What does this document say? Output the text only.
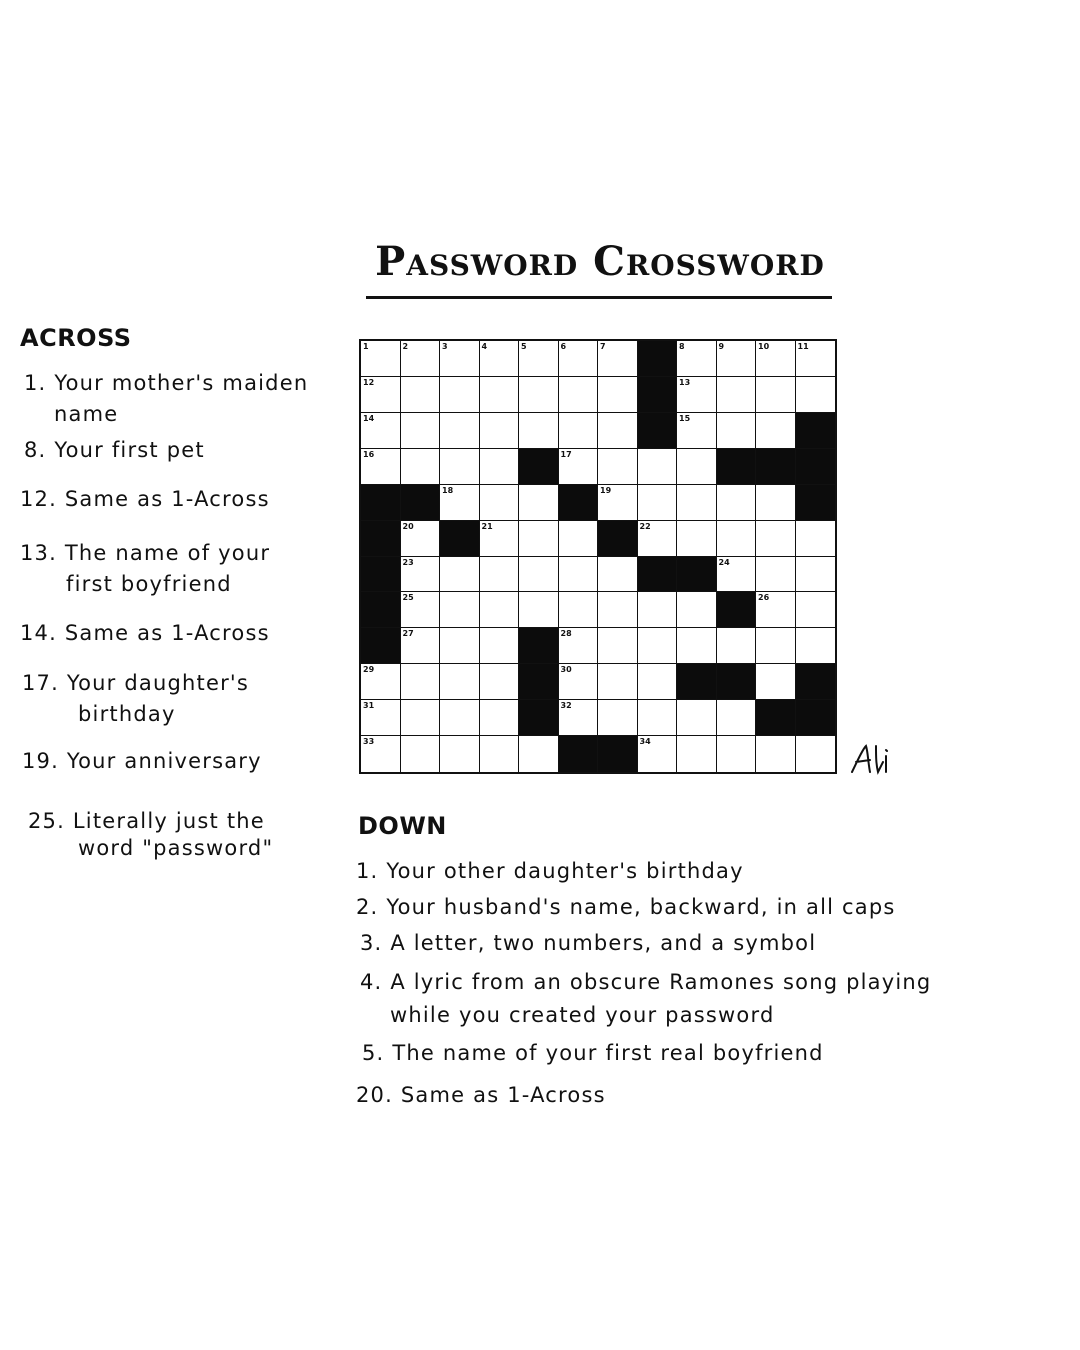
Password Crossword
ACROSS
1. Your mother's maiden
name
8. Your first pet
12. Same as 1-Across
13. The name of your
first boyfriend
14. Same as 1-Across
17. Your daughter's
birthday
19. Your anniversary
25. Literally just the
word "password"
1	2	3	4	5	6	7	8	9	10	11
12	13
14	15
16	17
18	19
20	21	22
23	24
25	26
27	28
29	30
31	32
33	34
DOWN
1. Your other daughter's birthday
2. Your husband's name, backward, in all caps
3. A letter, two numbers, and a symbol
4. A lyric from an obscure Ramones song playing
while you created your password
5. The name of your first real boyfriend
20. Same as 1-Across
